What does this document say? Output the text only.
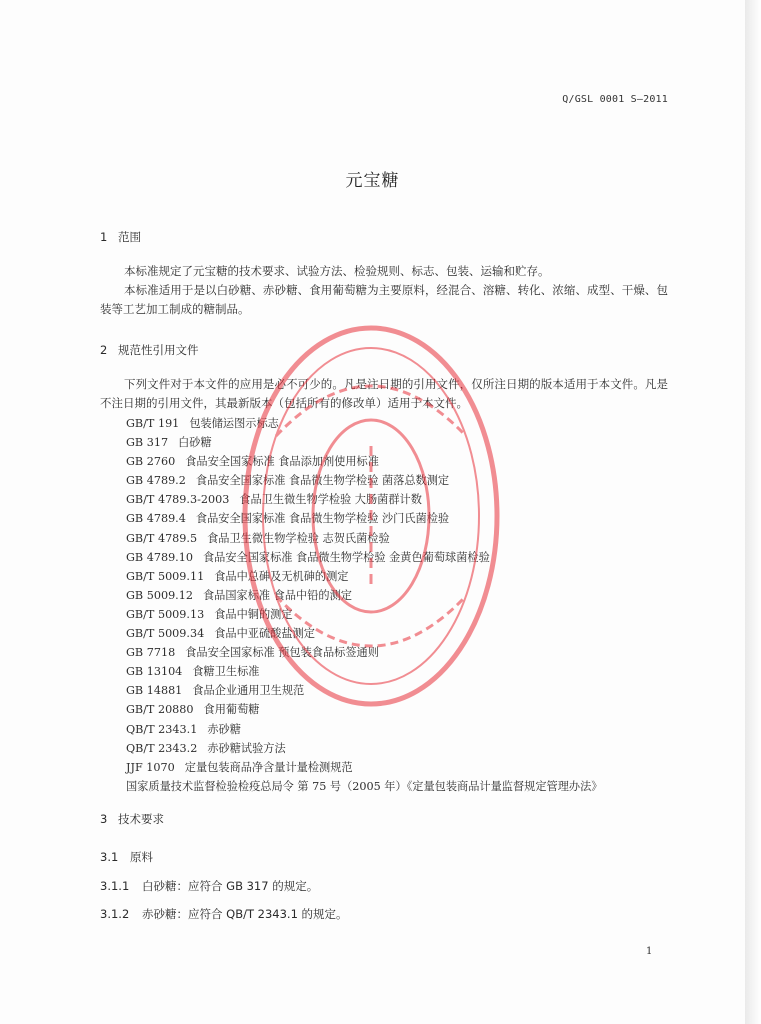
Q/GSL 0001 S—2011
元宝糖
1 范围
本标准规定了元宝糖的技术要求、试验方法、检验规则、标志、包装、运输和贮存。
本标准适用于是以白砂糖、赤砂糖、食用葡萄糖为主要原料，经混合、溶糖、转化、浓缩、成型、干燥、包装等工艺加工制成的糖制品。
2 规范性引用文件
下列文件对于本文件的应用是必不可少的。凡是注日期的引用文件，仅所注日期的版本适用于本文件。凡是不注日期的引用文件，其最新版本（包括所有的修改单）适用于本文件。
GB/T 191 包装储运图示标志
GB 317 白砂糖
GB 2760 食品安全国家标准 食品添加剂使用标准
GB 4789.2 食品安全国家标准 食品微生物学检验 菌落总数测定
GB/T 4789.3-2003 食品卫生微生物学检验 大肠菌群计数
GB 4789.4 食品安全国家标准 食品微生物学检验 沙门氏菌检验
GB/T 4789.5 食品卫生微生物学检验 志贺氏菌检验
GB 4789.10 食品安全国家标准 食品微生物学检验 金黄色葡萄球菌检验
GB/T 5009.11 食品中总砷及无机砷的测定
GB 5009.12 食品国家标准 食品中铅的测定
GB/T 5009.13 食品中铜的测定
GB/T 5009.34 食品中亚硫酸盐测定
GB 7718 食品安全国家标准 预包装食品标签通则
GB 13104 食糖卫生标准
GB 14881 食品企业通用卫生规范
GB/T 20880 食用葡萄糖
QB/T 2343.1 赤砂糖
QB/T 2343.2 赤砂糖试验方法
JJF 1070 定量包装商品净含量计量检测规范
国家质量技术监督检验检疫总局令 第 75 号（2005 年）《定量包装商品计量监督规定管理办法》
3 技术要求
3.1 原料
3.1.1 白砂糖：应符合 GB 317 的规定。
3.1.2 赤砂糖：应符合 QB/T 2343.1 的规定。
1
